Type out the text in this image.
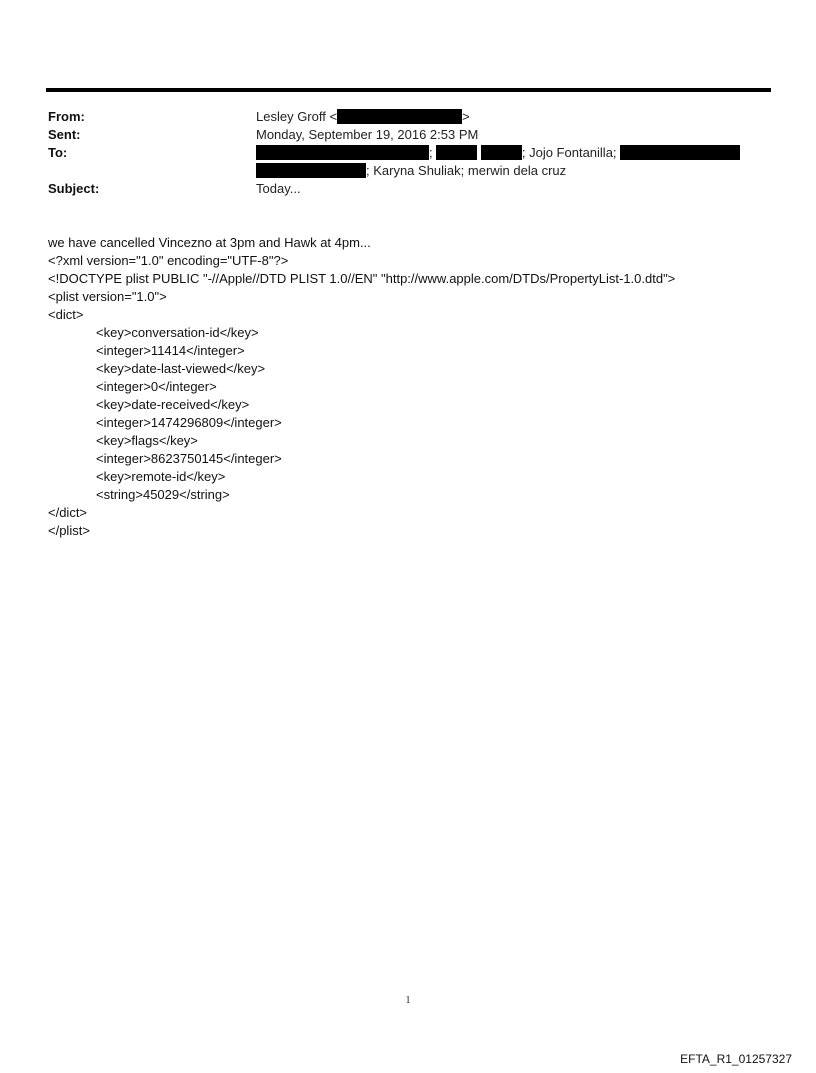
From:
Sent:
To:
Subject:
Lesley Groff <	>
Monday, September 19, 2016 2:53 PM
;	; Jojo Fontanilla;
; Karyna Shuliak; merwin dela cruz
Today...
we have cancelled Vincezno at 3pm and Hawk at 4pm...
<?xml version="1.0" encoding="UTF-8"?>
<!DOCTYPE plist PUBLIC "-//Apple//DTD PLIST 1.0//EN" "http://www.apple.com/DTDs/PropertyList-1.0.dtd">
<plist version="1.0">
<dict>
<key>conversation-id</key>
<integer>11414</integer>
<key>date-last-viewed</key>
<integer>0</integer>
<key>date-received</key>
<integer>1474296809</integer>
<key>flags</key>
<integer>8623750145</integer>
<key>remote-id</key>
<string>45029</string>
</dict>
</plist>
1
EFTA_R1_01257327
